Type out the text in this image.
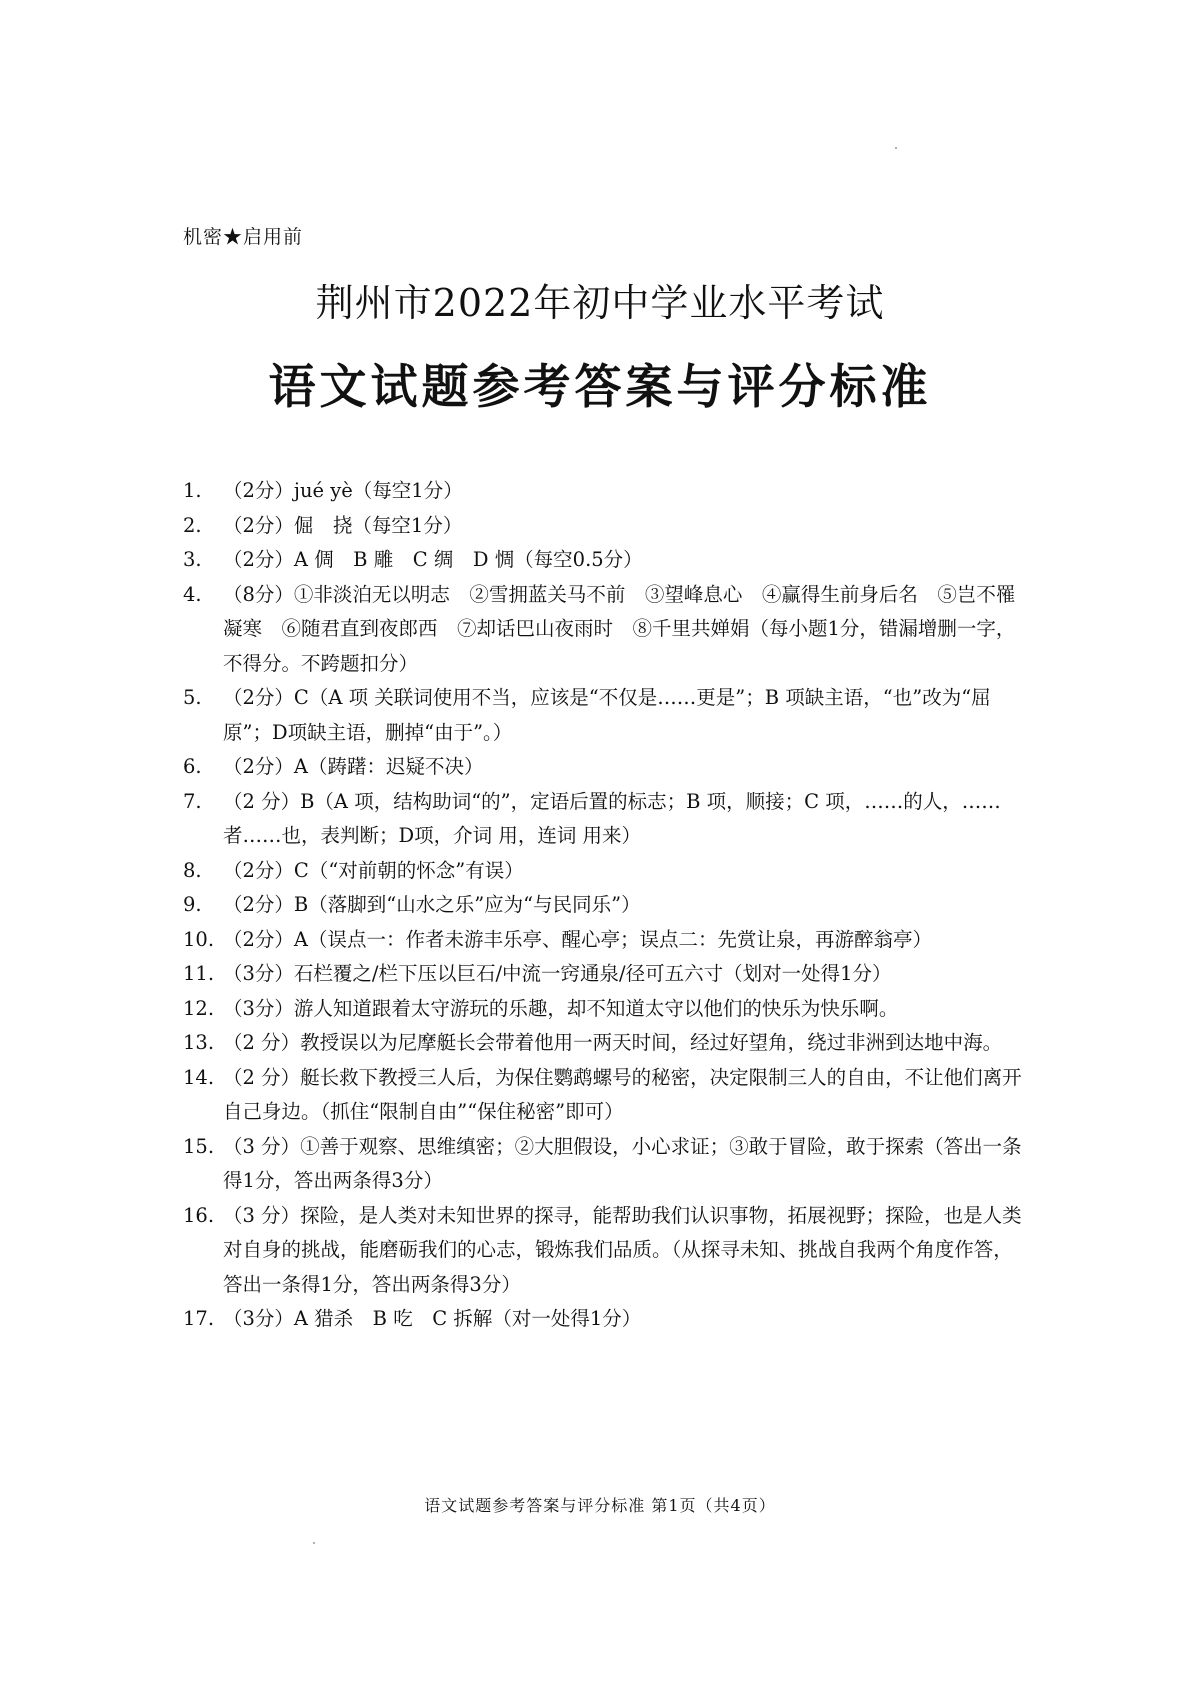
机密★启用前
荆州市2022年初中学业水平考试
语文试题参考答案与评分标准
1. （2分）jué yè（每空1分）
2. （2分）倔　挠（每空1分）
3. （2分）A 倜　B 雕　C 绸　D 惆（每空0.5分）
4. （8分）①非淡泊无以明志　②雪拥蓝关马不前　③望峰息心　④赢得生前身后名　⑤岂不罹凝寒　⑥随君直到夜郎西　⑦却话巴山夜雨时　⑧千里共婵娟（每小题1分，错漏增删一字，不得分。不跨题扣分）
5. （2分）C（A 项 关联词使用不当，应该是“不仅是……更是”；B 项缺主语，“也”改为“屈原”；D项缺主语，删掉“由于”。）
6. （2分）A（踌躇：迟疑不决）
7. （2 分）B（A 项，结构助词“的”，定语后置的标志；B 项，顺接；C 项，……的人，……者……也，表判断；D项，介词 用，连词 用来）
8. （2分）C（“对前朝的怀念”有误）
9. （2分）B（落脚到“山水之乐”应为“与民同乐”）
10. （2分）A（误点一：作者未游丰乐亭、醒心亭；误点二：先赏让泉，再游醉翁亭）
11. （3分）石栏覆之/栏下压以巨石/中流一窍通泉/径可五六寸（划对一处得1分）
12. （3分）游人知道跟着太守游玩的乐趣，却不知道太守以他们的快乐为快乐啊。
13. （2 分）教授误以为尼摩艇长会带着他用一两天时间，经过好望角，绕过非洲到达地中海。
14. （2 分）艇长救下教授三人后，为保住鹦鹉螺号的秘密，决定限制三人的自由，不让他们离开自己身边。（抓住“限制自由”“保住秘密”即可）
15. （3 分）①善于观察、思维缜密；②大胆假设，小心求证；③敢于冒险，敢于探索（答出一条得1分，答出两条得3分）
16. （3 分）探险，是人类对未知世界的探寻，能帮助我们认识事物，拓展视野；探险，也是人类对自身的挑战，能磨砺我们的心志，锻炼我们品质。（从探寻未知、挑战自我两个角度作答，答出一条得1分，答出两条得3分）
17. （3分）A 猎杀　B 吃　C 拆解（对一处得1分）
语文试题参考答案与评分标准 第1页（共4页）
